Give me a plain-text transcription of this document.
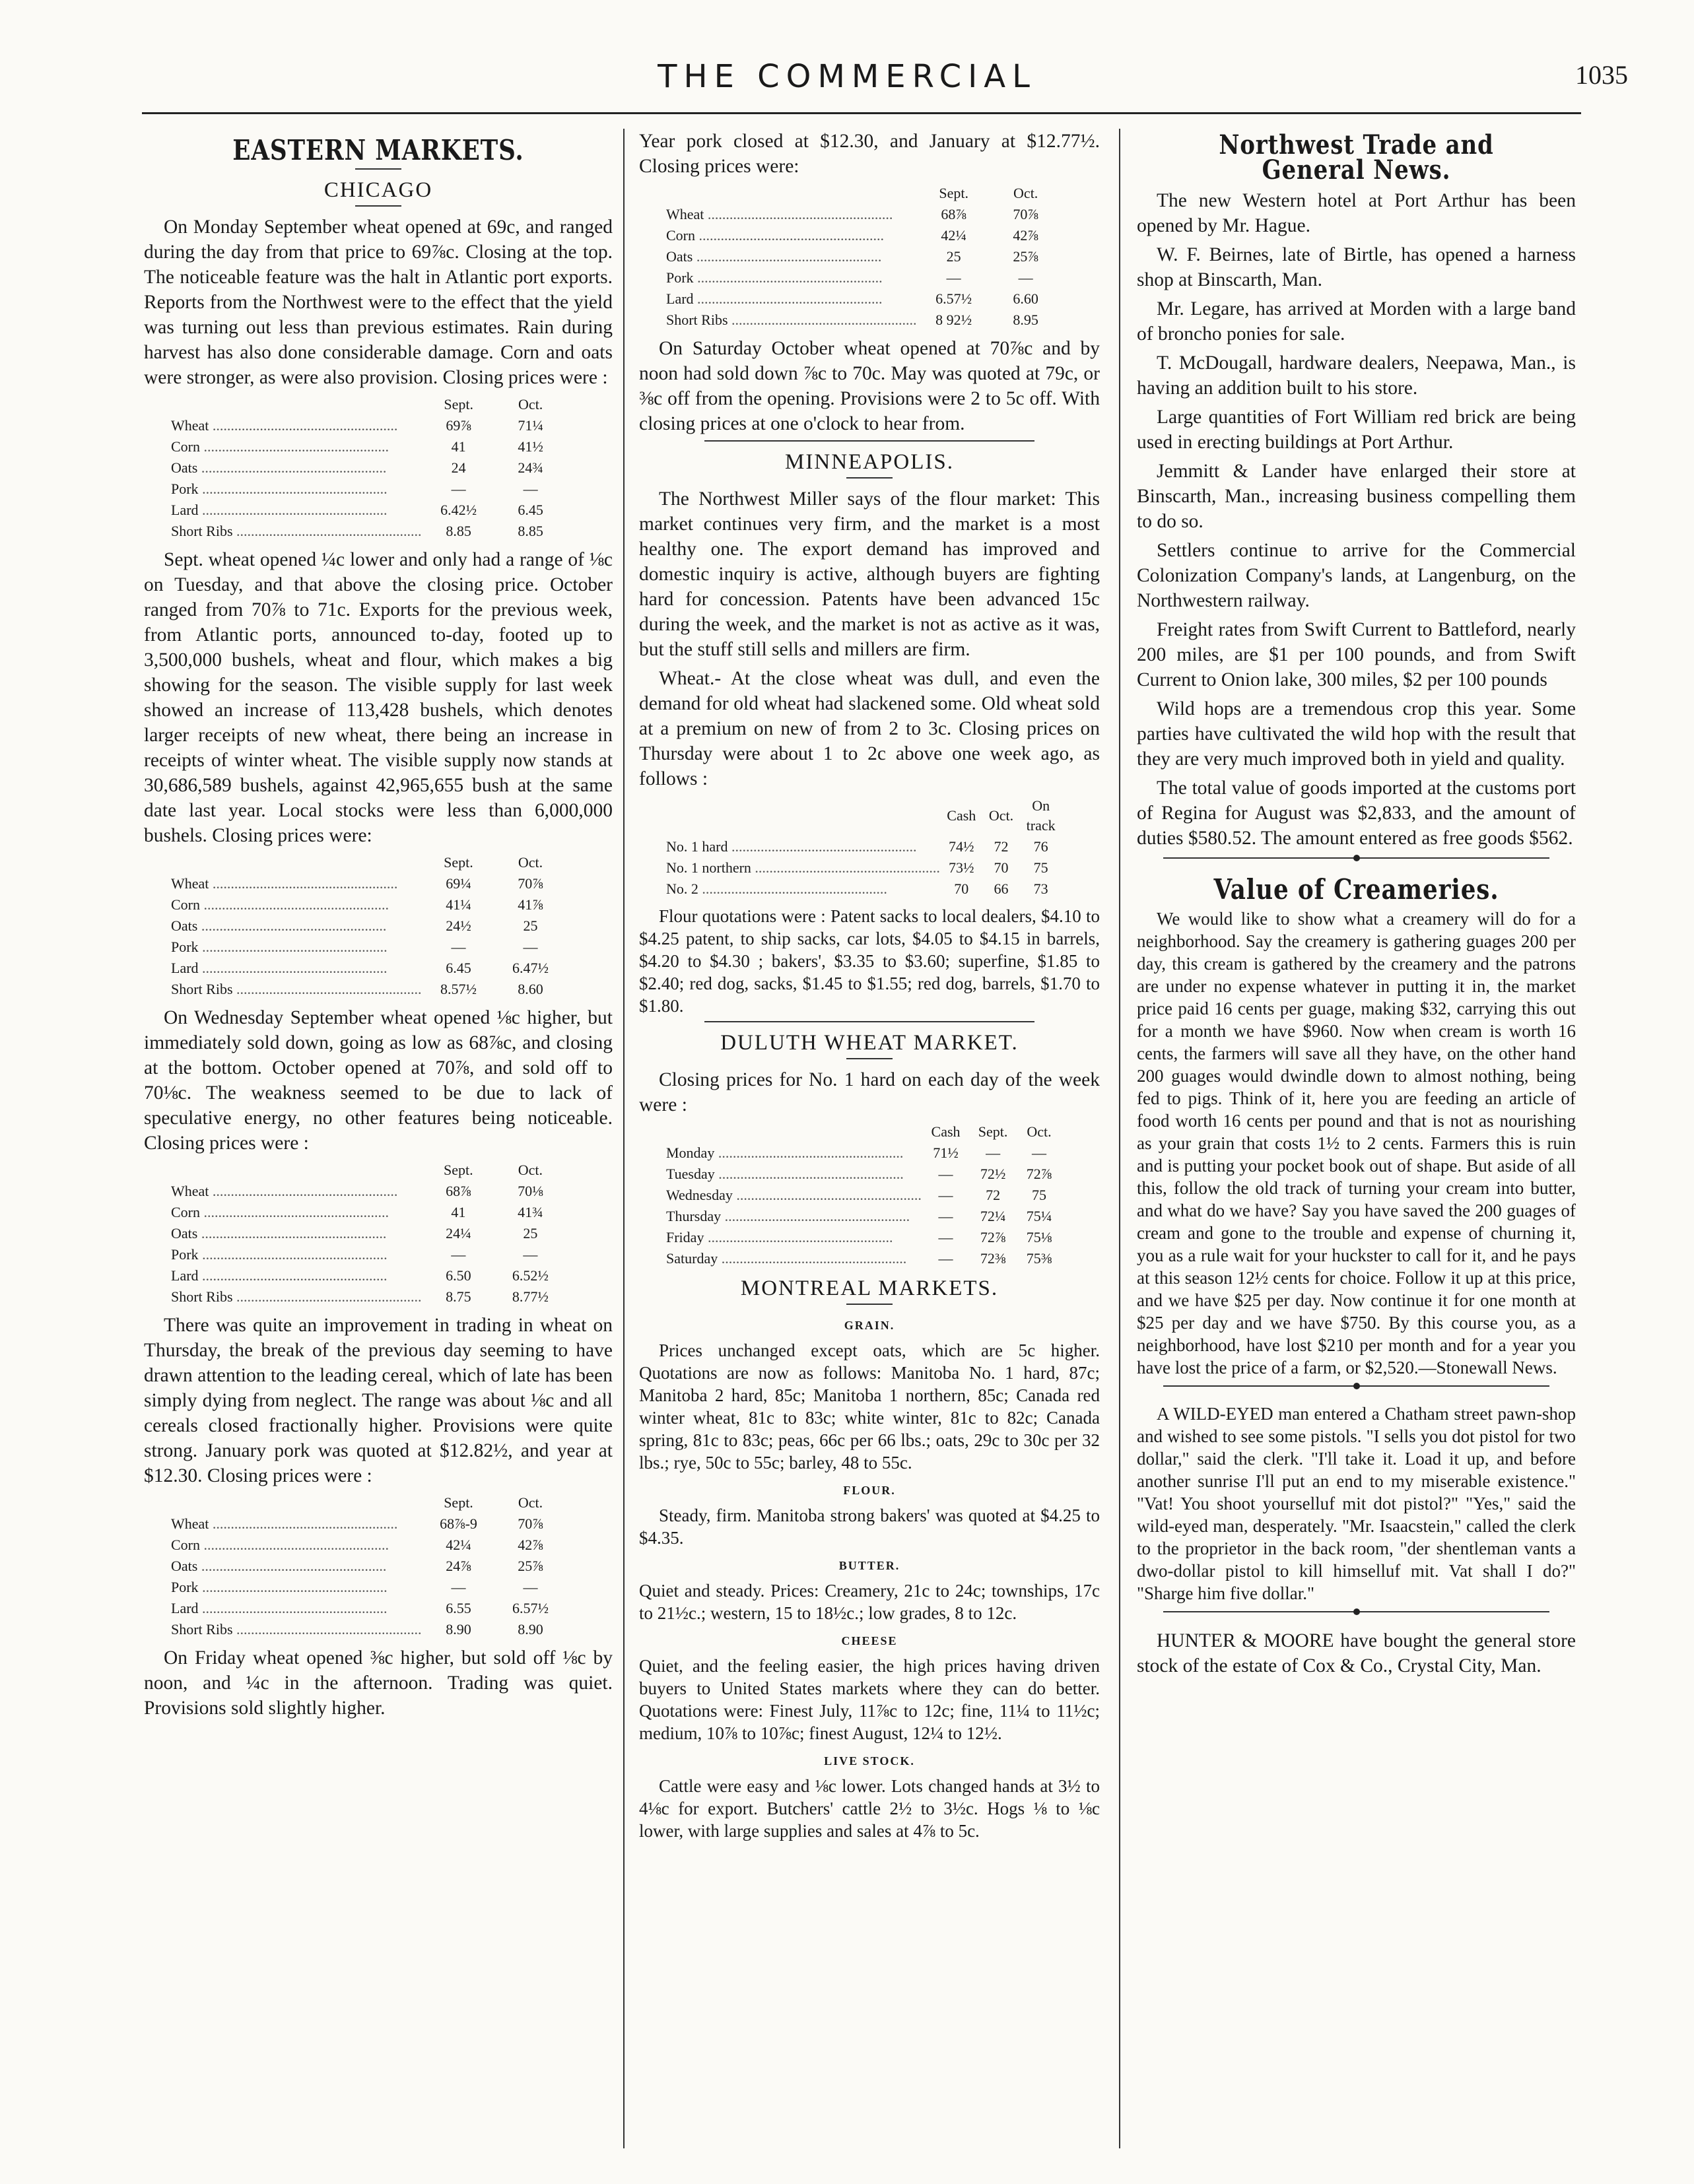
THE COMMERCIAL	1035
EASTERN MARKETS.
CHICAGO

On Monday September wheat opened at 69c, and ranged during the day from that price to 69⅞c. Closing at the top. The noticeable feature was the halt in Atlantic port exports. Reports from the Northwest were to the effect that the yield was turning out less than previous estimates. Rain during harvest has also done considerable damage. Corn and oats were stronger, as were also provision. Closing prices were :

	Sept.	Oct.
Wheat .....	69⅞	71¼
Corn .....	41	41½
Oats .....	24	24¾
Pork .....	—	—
Lard .....	6.42½	6.45
Short Ribs .....	8.85	8.85

Sept. wheat opened ¼c lower and only had a range of ⅛c on Tuesday, and that above the closing price. October ranged from 70⅞ to 71c. Exports for the previous week, from Atlantic ports, announced to-day, footed up to 3,500,000 bushels, wheat and flour, which makes a big showing for the season. The visible supply for last week showed an increase of 113,428 bushels, which denotes larger receipts of new wheat, there being an increase in receipts of winter wheat. The visible supply now stands at 30,686,589 bushels, against 42,965,655 bush at the same date last year. Local stocks were less than 6,000,000 bushels. Closing prices were:

	Sept.	Oct.
Wheat .....	69¼	70⅞
Corn .....	41¼	41⅞
Oats .....	24½	25
Pork .....	—	—
Lard .....	6.45	6.47½
Short Ribs .....	8.57½	8.60

On Wednesday September wheat opened ⅛c higher, but immediately sold down, going as low as 68⅞c, and closing at the bottom. October opened at 70⅞, and sold off to 70⅛c. The weakness seemed to be due to lack of speculative energy, no other features being noticeable. Closing prices were :

	Sept.	Oct.
Wheat .....	68⅞	70⅛
Corn .....	41	41¾
Oats .....	24¼	25
Pork .....	—	—
Lard .....	6.50	6.52½
Short Ribs .....	8.75	8.77½

There was quite an improvement in trading in wheat on Thursday, the break of the previous day seeming to have drawn attention to the leading cereal, which of late has been simply dying from neglect. The range was about ⅛c and all cereals closed fractionally higher. Provisions were quite strong. January pork was quoted at $12.82½, and year at $12.30. Closing prices were :

	Sept.	Oct.
Wheat .....	68⅞-9	70⅞
Corn .....	42¼	42⅞
Oats .....	24⅞	25⅞
Pork .....	—	—
Lard .....	6.55	6.57½
Short Ribs .....	8.90	8.90

On Friday wheat opened ⅜c higher, but sold off ⅛c by noon, and ¼c in the afternoon. Trading was quiet. Provisions sold slightly higher.

Year pork closed at $12.30, and January at $12.77½. Closing prices were:

	Sept.	Oct.
Wheat .....	68⅞	70⅞
Corn .....	42¼	42⅞
Oats .....	25	25⅞
Pork .....	—	—
Lard .....	6.57½	6.60
Short Ribs .....	8 92½	8.95

On Saturday October wheat opened at 70⅞c and by noon had sold down ⅞c to 70c. May was quoted at 79c, or ⅜c off from the opening. Provisions were 2 to 5c off. With closing prices at one o'clock to hear from.

MINNEAPOLIS.

The Northwest Miller says of the flour market: This market continues very firm, and the market is a most healthy one. The export demand has improved and domestic inquiry is active, although buyers are fighting hard for concession. Patents have been advanced 15c during the week, and the market is not as active as it was, but the stuff still sells and millers are firm.

Wheat.- At the close wheat was dull, and even the demand for old wheat had slackened some. Old wheat sold at a premium on new of from 2 to 3c. Closing prices on Thursday were about 1 to 2c above one week ago, as follows :

	Cash	Oct.	On track
No. 1 hard .....	74½	72	76
No. 1 northern .....	73½	70	75
No. 2 .....	70	66	73

Flour quotations were : Patent sacks to local dealers, $4.10 to $4.25 patent, to ship sacks, car lots, $4.05 to $4.15 in barrels, $4.20 to $4.30 ; bakers', $3.35 to $3.60; superfine, $1.85 to $2.40; red dog, sacks, $1.45 to $1.55; red dog, barrels, $1.70 to $1.80.

DULUTH WHEAT MARKET.

Closing prices for No. 1 hard on each day of the week were :

	Cash	Sept.	Oct.
Monday .....	71½	—	—
Tuesday .....	—	72½	72⅞
Wednesday .....	—	72	75
Thursday .....	—	72¼	75¼
Friday .....	—	72⅞	75⅛
Saturday .....	—	72⅜	75⅜
MONTREAL MARKETS.
GRAIN.

Prices unchanged except oats, which are 5c higher. Quotations are now as follows: Manitoba No. 1 hard, 87c; Manitoba 2 hard, 85c; Manitoba 1 northern, 85c; Canada red winter wheat, 81c to 83c; white winter, 81c to 82c; Canada spring, 81c to 83c; peas, 66c per 66 lbs.; oats, 29c to 30c per 32 lbs.; rye, 50c to 55c; barley, 48 to 55c.

FLOUR.

Steady, firm. Manitoba strong bakers' was quoted at $4.25 to $4.35.

BUTTER.

Quiet and steady. Prices: Creamery, 21c to 24c; townships, 17c to 21½c.; western, 15 to 18½c.; low grades, 8 to 12c.

CHEESE

Quiet, and the feeling easier, the high prices having driven buyers to United States markets where they can do better. Quotations were: Finest July, 11⅞c to 12c; fine, 11¼ to 11½c; medium, 10⅞ to 10⅞c; finest August, 12¼ to 12½.

LIVE STOCK.

Cattle were easy and ⅛c lower. Lots changed hands at 3½ to 4⅛c for export. Butchers' cattle 2½ to 3½c. Hogs ⅛ to ⅛c lower, with large supplies and sales at 4⅞ to 5c.

Northwest Trade and General News.

The new Western hotel at Port Arthur has been opened by Mr. Hague.

W. F. Beirnes, late of Birtle, has opened a harness shop at Binscarth, Man.

Mr. Legare, has arrived at Morden with a large band of broncho ponies for sale.

T. McDougall, hardware dealers, Neepawa, Man., is having an addition built to his store.

Large quantities of Fort William red brick are being used in erecting buildings at Port Arthur.

Jemmitt & Lander have enlarged their store at Binscarth, Man., increasing business compelling them to do so.

Settlers continue to arrive for the Commercial Colonization Company's lands, at Langenburg, on the Northwestern railway.

Freight rates from Swift Current to Battleford, nearly 200 miles, are $1 per 100 pounds, and from Swift Current to Onion lake, 300 miles, $2 per 100 pounds

Wild hops are a tremendous crop this year. Some parties have cultivated the wild hop with the result that they are very much improved both in yield and quality.

The total value of goods imported at the customs port of Regina for August was $2,833, and the amount of duties $580.52. The amount entered as free goods $562.

Value of Creameries.

We would like to show what a creamery will do for a neighborhood. Say the creamery is gathering guages 200 per day, this cream is gathered by the creamery and the patrons are under no expense whatever in putting it in, the market price paid 16 cents per guage, making $32, carrying this out for a month we have $960. Now when cream is worth 16 cents, the farmers will save all they have, on the other hand 200 guages would dwindle down to almost nothing, being fed to pigs. Think of it, here you are feeding an article of food worth 16 cents per pound and that is not as nourishing as your grain that costs 1½ to 2 cents. Farmers this is ruin and is putting your pocket book out of shape. But aside of all this, follow the old track of turning your cream into butter, and what do we have? Say you have saved the 200 guages of cream and gone to the trouble and expense of churning it, you as a rule wait for your huckster to call for it, and he pays at this season 12½ cents for choice. Follow it up at this price, and we have $25 per day. Now continue it for one month at $25 per day and we have $750. By this course you, as a neighborhood, have lost $210 per month and for a year you have lost the price of a farm, or $2,520.—Stonewall News.

A WILD-EYED man entered a Chatham street pawn-shop and wished to see some pistols. "I sells you dot pistol for two dollar," said the clerk. "I'll take it. Load it up, and before another sunrise I'll put an end to my miserable existence." "Vat! You shoot yourselluf mit dot pistol?" "Yes," said the wild-eyed man, desperately. "Mr. Isaacstein," called the clerk to the proprietor in the back room, "der shentleman vants a dwo-dollar pistol to kill himselluf mit. Vat shall I do?" "Sharge him five dollar."

HUNTER & MOORE have bought the general store stock of the estate of Cox & Co., Crystal City, Man.
